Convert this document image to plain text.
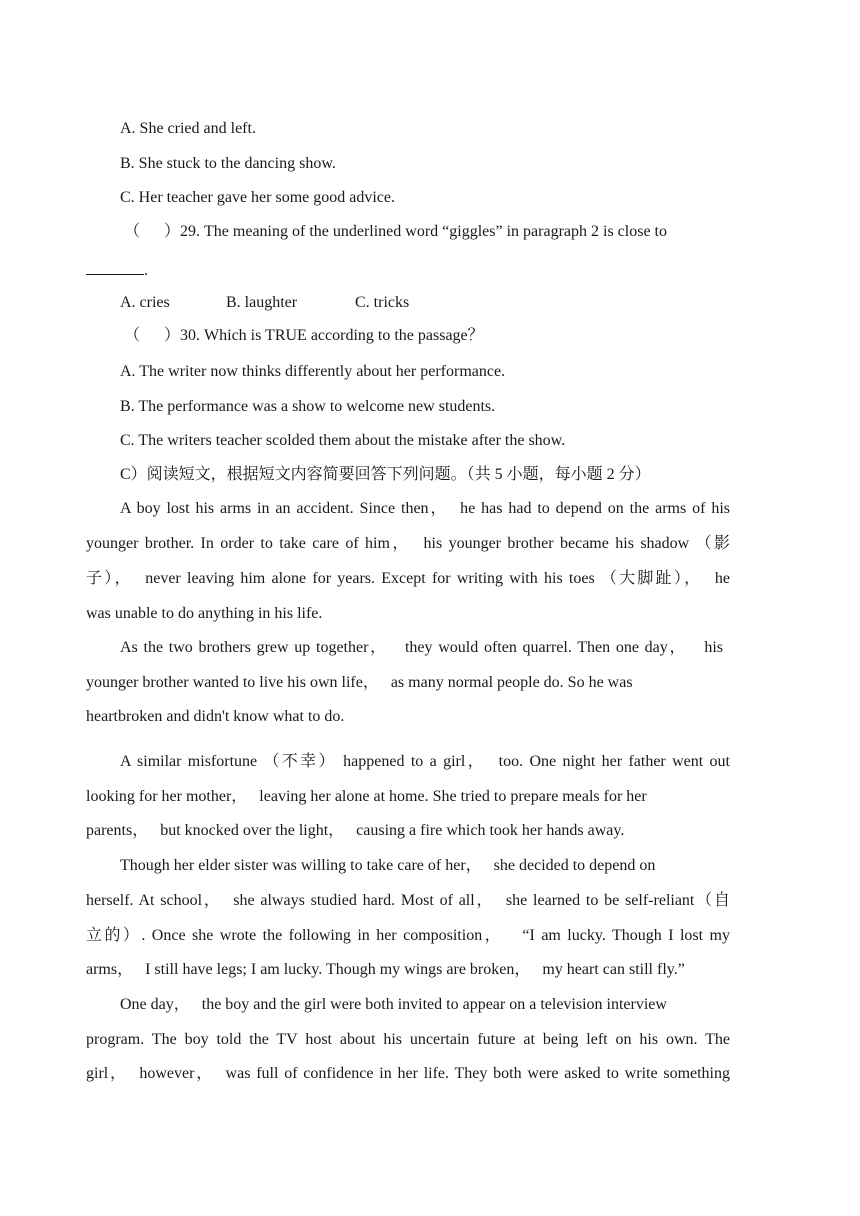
A. She cried and left.
B. She stuck to the dancing show.
C. Her teacher gave her some good advice.
（      ）29. The meaning of the underlined word “giggles” in paragraph 2 is close to
.
A. cries	B. laughter	C. tricks
（      ）30. Which is TRUE according to the passage？
A. The writer now thinks differently about her performance.
B. The performance was a show to welcome new students.
C. The writers teacher scolded them about the mistake after the show.
C）阅读短文，根据短文内容简要回答下列问题。（共 5 小题，每小题 2 分）
A boy lost his arms in an accident. Since then，  he has had to depend on the arms of his
younger brother. In order to take care of him，  his younger brother became his shadow （影
子），  never leaving him alone for years. Except for writing with his toes （大脚趾），  he
was unable to do anything in his life.
As the two brothers grew up together，   they would often quarrel. Then one day，   his
younger brother wanted to live his own life，   as many normal people do. So he was
heartbroken and didn't know what to do.
A similar misfortune （不幸） happened to a girl，  too. One night her father went out
looking for her mother，   leaving her alone at home. She tried to prepare meals for her
parents，   but knocked over the light，   causing a fire which took her hands away.
Though her elder sister was willing to take care of her，   she decided to depend on
herself. At school，  she always studied hard. Most of all，  she learned to be self-reliant（自
立的）. Once she wrote the following in her composition，   “I am lucky. Though I lost my
arms，   I still have legs; I am lucky. Though my wings are broken，   my heart can still fly.”
One day，   the boy and the girl were both invited to appear on a television interview
program. The boy told the TV host about his uncertain future at being left on his own. The
girl，  however，  was full of confidence in her life. They both were asked to write something
